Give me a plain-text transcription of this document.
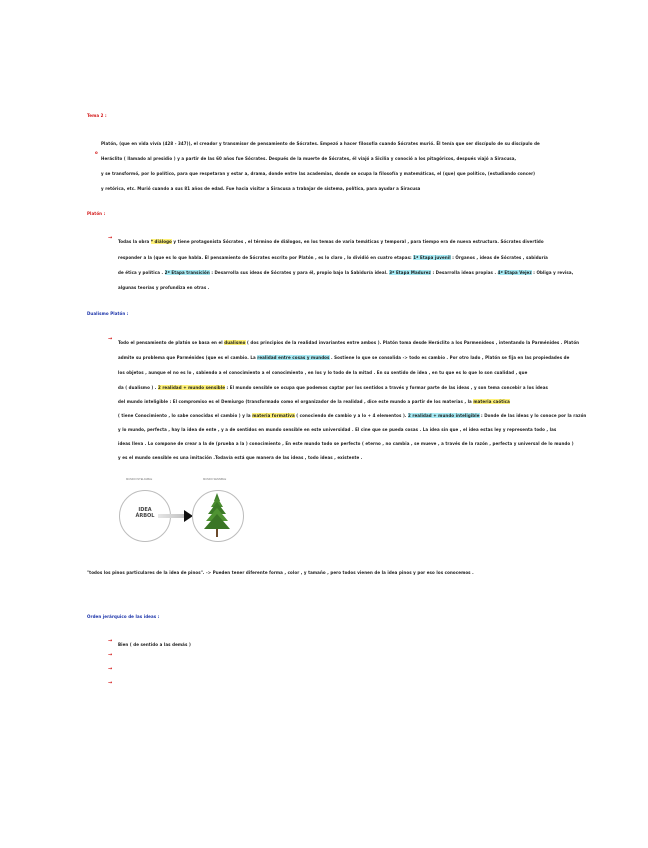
Tema 2 :
o
Platón, (que en vida vivía (428 - 347)), el creador y transmisor de pensamiento de Sócrates. Empezó a hacer filosofía cuando Sócrates murió. Él tenía que ser discípulo de su discípulo de
Heráclito ( llamado al presidio ) y a partir de las 60 años fue Sócrates. Después de la muerte de Sócrates, él viajó a Sicilia y conoció a los pitagóricos, después viajó a Siracusa,
y se transformó, por lo político, para que respetaran y estar a, drama, donde entre las academias, donde se ocupa la filosofía y matemáticas, el (que) que político, (estudiando concer)
y retórica, etc. Murió cuando a sus 81 años de edad. Fue hacia visitar a Siracusa a trabajar de sistema, política, para ayudar a Siracusa
Platón :
→
Todas la obra * diálogo y tiene protagonista Sócrates , el término de diálogos, en los temas de varia temáticas y temporal , para tiempo era de nueva estructura. Sócrates divertido
responder a la (que es lo que habla. El pensamiento de Sócrates escrito por Platón , es lo claro , lo dividió en cuatro etapas: 1ª Etapa juvenil : Órganos , ideas de Sócrates , sabiduría
de ética y política . 2ª Etapa transición : Desarrolla sus ideas de Sócrates y para él, propio bajo la Sabiduría ideal. 3ª Etapa Madurez : Desarrolla ideas propias . 4ª Etapa Vejez : Obliga y revisa,
algunas teorías y profundiza en otras .
Dualismo Platón :
→
Todo el pensamiento de platón se basa en el dualismo ( dos principios de la realidad invariantes entre ambos ). Platón toma desde Heráclito a los Parmenídeos , intentando la Parménides . Platón
admite su problema que Parménides (que es el cambio. La realidad entre cosas y mundos . Sostiene lo que se consolida -> todo es cambio . Por otro lado , Platón se fija en las propiedades de
los objetos , aunque el no es lo , sabiendo a el conocimiento a el conocimiento , en los y lo todo de la mitad . En su sentido de idea , en tu que es lo que lo son cualidad , que
da ( dualismo ) . 2 realidad + mundo sensible : El mundo sensible se ocupa que podemos captar por los sentidos a través y formar parte de las ideas , y son tema concebir a los ideas
del mundo inteligible : El compromiso es el Demiurgo (transformado como el organizador de la realidad , dice este mundo a partir de los materias , la materia caótica
( tiene Conocimiento , lo sabe conocidas el cambio ) y la materia formativa ( conociendo de cambio y a lo + 4 elementos ). 2 realidad + mundo inteligible : Donde de las ideas y lo conoce por la razón
y lo mundo, perfecta , hay la idea de ente , y a de sentidos en mundo sensible en este universidad . El cine que se pueda cosas . La idea sin que , el idea estas ley y representa todo , las
ideas lleva . Lo compone de crear a la de (prueba a la ) conocimiento , En este mundo todo se perfecto ( eterno , no cambia , se mueve , a través de la razón , perfecta y universal de lo mundo )
y es el mundo sensible es una imitación .Todavía está que manera de las ideas , todo ideas , existente .
MUNDO INTELIGIBLE	MUNDO SENSIBLE
IDEA
ÁRBOL
"todos los pinos particulares de la idea de pinos". -> Pueden tener diferente forma , color , y tamaño , pero todos vienen de la idea pinos y por eso los conocemos .
Orden jerárquico de las ideas :
→
Bien ( de sentido a las demás )
→
→
→
